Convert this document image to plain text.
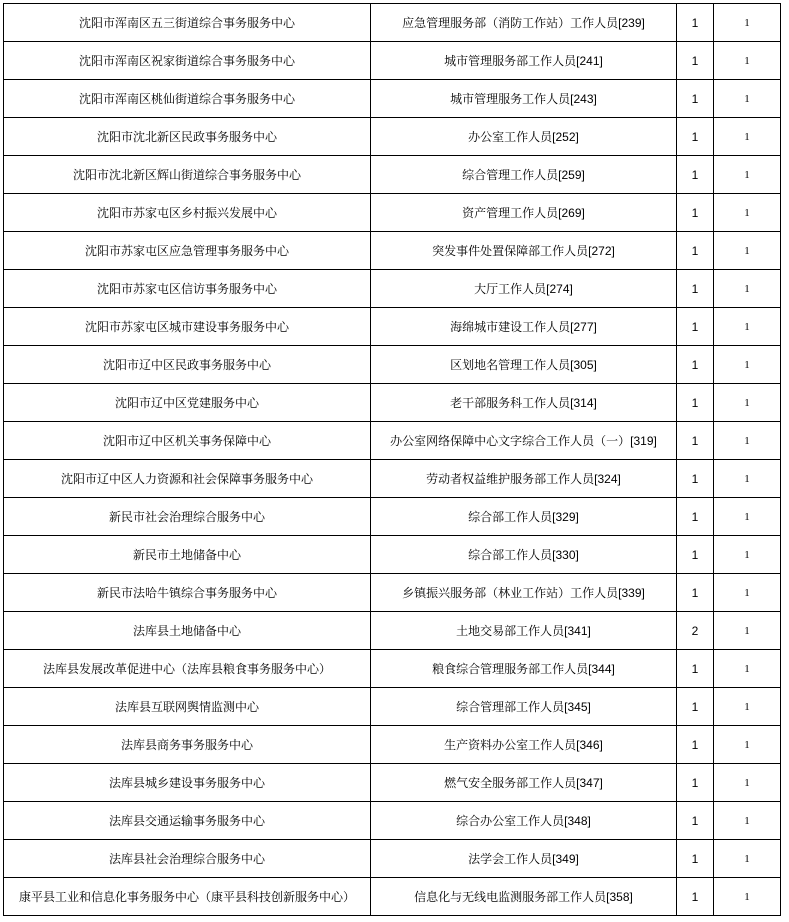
沈阳市浑南区五三街道综合事务服务中心	应急管理服务部（消防工作站）工作人员[239]	1	1
沈阳市浑南区祝家街道综合事务服务中心	城市管理服务部工作人员[241]	1	1
沈阳市浑南区桃仙街道综合事务服务中心	城市管理服务工作人员[243]	1	1
沈阳市沈北新区民政事务服务中心	办公室工作人员[252]	1	1
沈阳市沈北新区辉山街道综合事务服务中心	综合管理工作人员[259]	1	1
沈阳市苏家屯区乡村振兴发展中心	资产管理工作人员[269]	1	1
沈阳市苏家屯区应急管理事务服务中心	突发事件处置保障部工作人员[272]	1	1
沈阳市苏家屯区信访事务服务中心	大厅工作人员[274]	1	1
沈阳市苏家屯区城市建设事务服务中心	海绵城市建设工作人员[277]	1	1
沈阳市辽中区民政事务服务中心	区划地名管理工作人员[305]	1	1
沈阳市辽中区党建服务中心	老干部服务科工作人员[314]	1	1
沈阳市辽中区机关事务保障中心	办公室网络保障中心文字综合工作人员（一）[319]	1	1
沈阳市辽中区人力资源和社会保障事务服务中心	劳动者权益维护服务部工作人员[324]	1	1
新民市社会治理综合服务中心	综合部工作人员[329]	1	1
新民市土地储备中心	综合部工作人员[330]	1	1
新民市法哈牛镇综合事务服务中心	乡镇振兴服务部（林业工作站）工作人员[339]	1	1
法库县土地储备中心	土地交易部工作人员[341]	2	1
法库县发展改革促进中心（法库县粮食事务服务中心）	粮食综合管理服务部工作人员[344]	1	1
法库县互联网舆情监测中心	综合管理部工作人员[345]	1	1
法库县商务事务服务中心	生产资料办公室工作人员[346]	1	1
法库县城乡建设事务服务中心	燃气安全服务部工作人员[347]	1	1
法库县交通运输事务服务中心	综合办公室工作人员[348]	1	1
法库县社会治理综合服务中心	法学会工作人员[349]	1	1
康平县工业和信息化事务服务中心（康平县科技创新服务中心）	信息化与无线电监测服务部工作人员[358]	1	1
